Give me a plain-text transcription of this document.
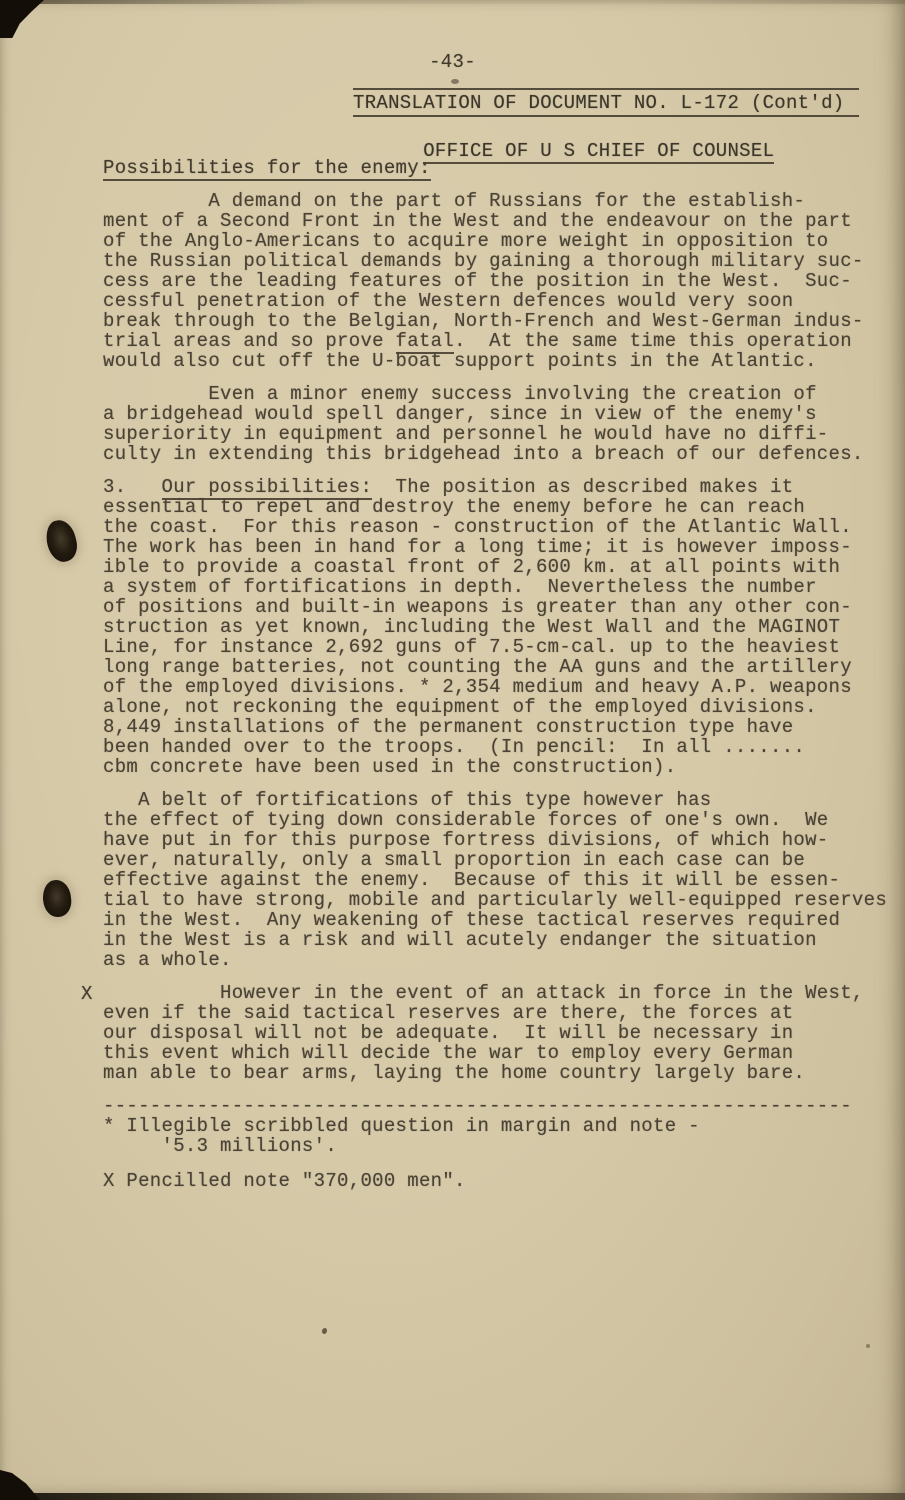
-43-
TRANSLATION OF DOCUMENT NO. L-172 (Cont'd)

OFFICE OF U S CHIEF OF COUNSEL

Possibilities for the enemy:
A demand on the part of Russians for the establish-
ment of a Second Front in the West and the endeavour on the part
of the Anglo-Americans to acquire more weight in opposition to
the Russian political demands by gaining a thorough military suc-
cess are the leading features of the position in the West.  Suc-
cessful penetration of the Western defences would very soon
break through to the Belgian, North-French and West-German indus-
trial areas and so prove fatal.  At the same time this operation
would also cut off the U-boat support points in the Atlantic.
Even a minor enemy success involving the creation of
a bridgehead would spell danger, since in view of the enemy's
superiority in equipment and personnel he would have no diffi-
culty in extending this bridgehead into a breach of our defences.
3.   Our possibilities:  The position as described makes it
essential to repel and destroy the enemy before he can reach
the coast.  For this reason - construction of the Atlantic Wall.
The work has been in hand for a long time; it is however imposs-
ible to provide a coastal front of 2,600 km. at all points with
a system of fortifications in depth.  Nevertheless the number
of positions and built-in weapons is greater than any other con-
struction as yet known, including the West Wall and the MAGINOT
Line, for instance 2,692 guns of 7.5-cm-cal. up to the heaviest
long range batteries, not counting the AA guns and the artillery
of the employed divisions. * 2,354 medium and heavy A.P. weapons
alone, not reckoning the equipment of the employed divisions.
8,449 installations of the permanent construction type have
been handed over to the troops.  (In pencil:  In all .......
cbm concrete have been used in the construction).
A belt of fortifications of this type however has
the effect of tying down considerable forces of one's own.  We
have put in for this purpose fortress divisions, of which how-
ever, naturally, only a small proportion in each case can be
effective against the enemy.  Because of this it will be essen-
tial to have strong, mobile and particularly well-equipped reserves
in the West.  Any weakening of these tactical reserves required
in the West is a risk and will acutely endanger the situation
as a whole.
X However in the event of an attack in force in the West,
even if the said tactical reserves are there, the forces at
our disposal will not be adequate.  It will be necessary in
this event which will decide the war to employ every German
man able to bear arms, laying the home country largely bare.
----------------------------------------------------------------
* Illegible scribbled question in margin and note -
'5.3 millions'.
X Pencilled note "370,000 men".
